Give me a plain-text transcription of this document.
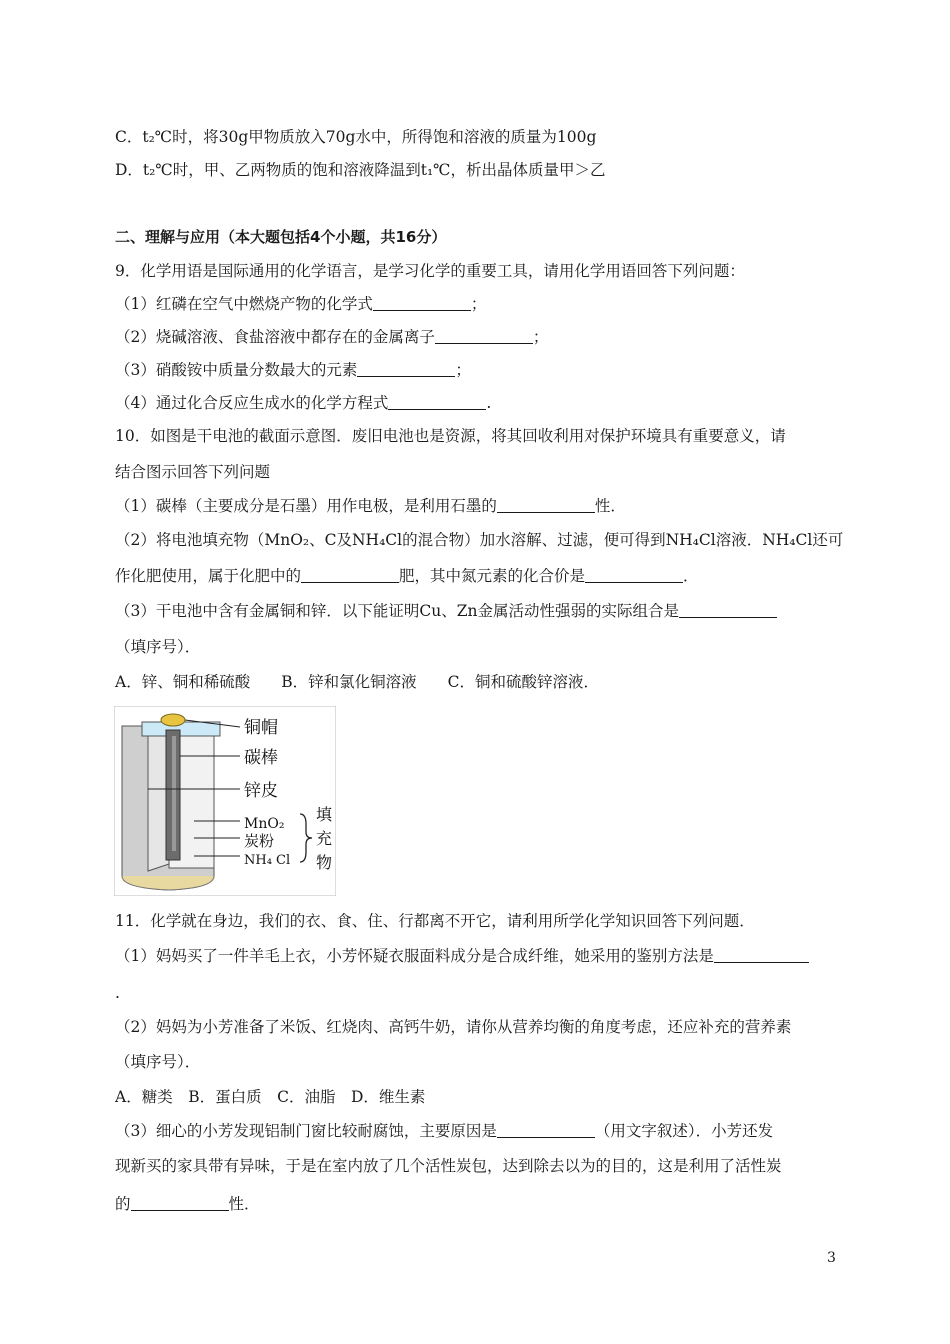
C．t₂℃时，将30g甲物质放入70g水中，所得饱和溶液的质量为100g
D．t₂℃时，甲、乙两物质的饱和溶液降温到t₁℃，析出晶体质量甲＞乙
二、理解与应用（本大题包括4个小题，共16分）
9．化学用语是国际通用的化学语言，是学习化学的重要工具，请用化学用语回答下列问题：
（1）红磷在空气中燃烧产物的化学式	；
（2）烧碱溶液、食盐溶液中都存在的金属离子	；
（3）硝酸铵中质量分数最大的元素	；
（4）通过化合反应生成水的化学方程式	.
10．如图是干电池的截面示意图．废旧电池也是资源，将其回收利用对保护环境具有重要意义，请
结合图示回答下列问题
（1）碳棒（主要成分是石墨）用作电极，是利用石墨的	性．
（2）将电池填充物（MnO₂、C及NH₄Cl的混合物）加水溶解、过滤，便可得到NH₄Cl溶液．NH₄Cl还可
作化肥使用，属于化肥中的	肥，其中氮元素的化合价是	．
（3）干电池中含有金属铜和锌．以下能证明Cu、Zn金属活动性强弱的实际组合是
（填序号）．
A．锌、铜和稀硫酸　　B．锌和氯化铜溶液　　C．铜和硫酸锌溶液．
铜帽
碳棒
锌皮
MnO₂
炭粉
NH₄ Cl
填
充
物
11．化学就在身边，我们的衣、食、住、行都离不开它，请利用所学化学知识回答下列问题．
（1）妈妈买了一件羊毛上衣，小芳怀疑衣服面料成分是合成纤维，她采用的鉴别方法是
.
（2）妈妈为小芳准备了米饭、红烧肉、高钙牛奶，请你从营养均衡的角度考虑，还应补充的营养素
（填序号）．
A．糖类　B．蛋白质　C．油脂　D．维生素
（3）细心的小芳发现铝制门窗比较耐腐蚀，主要原因是	（用文字叙述）．小芳还发
现新买的家具带有异味，于是在室内放了几个活性炭包，达到除去以为的目的，这是利用了活性炭
的	性．
3
